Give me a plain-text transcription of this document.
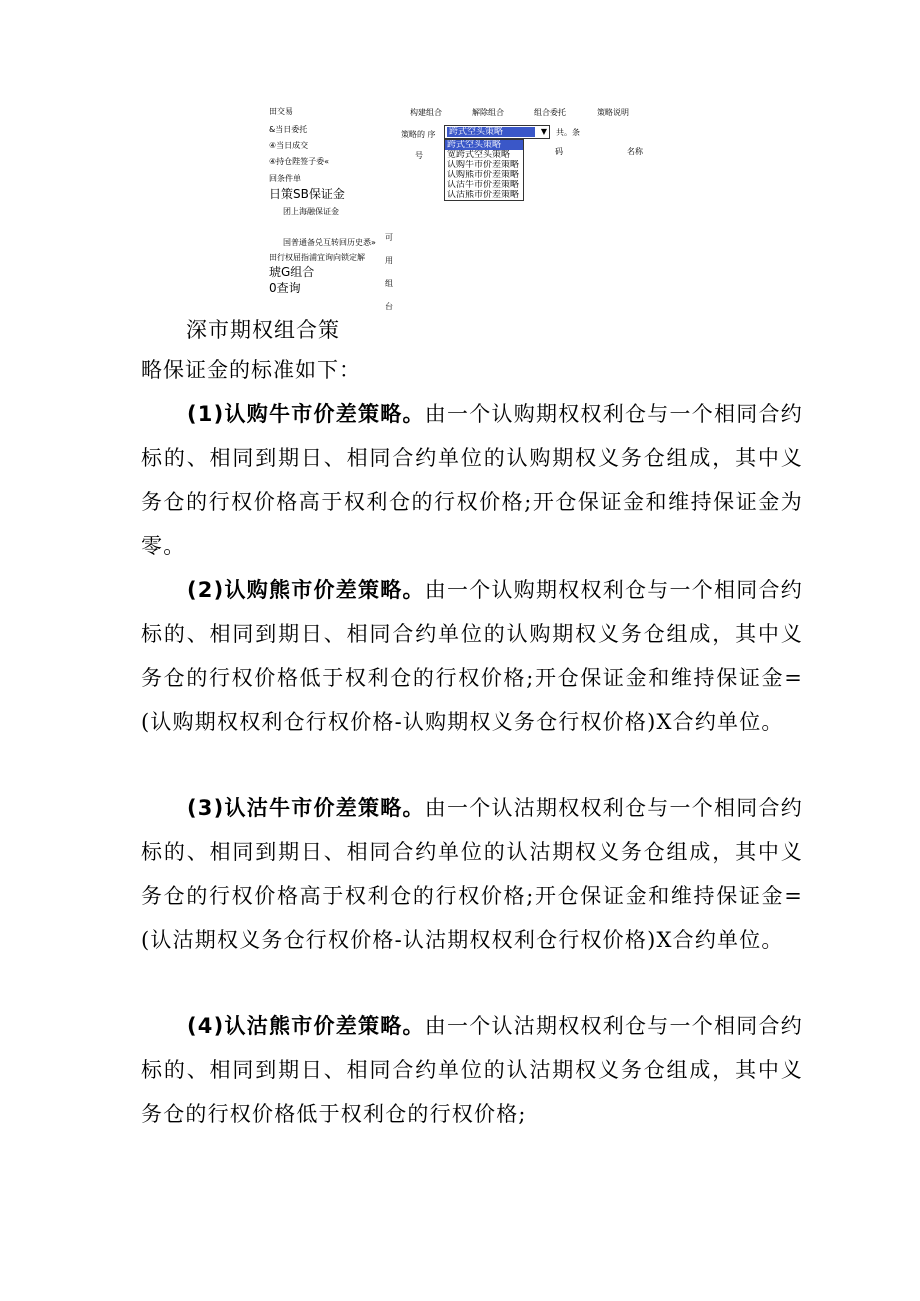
田交易
&当日委托
④当日成交
④持仓陛签子委«
回条件单
日策SB保证金
团上海融保证金
国普通备兑互转回历史悉»
田行权屈指浦宜询向锁定解
琥G组合
0查询
构建组合	解除组合	组合委托	策略说明
策略的 序
号
共。条
码	名称
跨式空头策略	▼
跨式空头策略
宽跨式空头策略
认购牛市价差策略
认购熊市价差策略
认沽牛市价差策略
认沽熊市价差策略
可
用
组
台
深市期权组合策
略保证金的标准如下：
(1)认购牛市价差策略。由一个认购期权权利仓与一个相同合约标的、相同到期日、相同合约单位的认购期权义务仓组成，其中义务仓的行权价格高于权利仓的行权价格;开仓保证金和维持保证金为零。
(2)认购熊市价差策略。由一个认购期权权利仓与一个相同合约标的、相同到期日、相同合约单位的认购期权义务仓组成，其中义务仓的行权价格低于权利仓的行权价格;开仓保证金和维持保证金=(认购期权权利仓行权价格-认购期权义务仓行权价格)X合约单位。
(3)认沽牛市价差策略。由一个认沽期权权利仓与一个相同合约标的、相同到期日、相同合约单位的认沽期权义务仓组成，其中义务仓的行权价格高于权利仓的行权价格;开仓保证金和维持保证金=(认沽期权义务仓行权价格-认沽期权权利仓行权价格)X合约单位。
(4)认沽熊市价差策略。由一个认沽期权权利仓与一个相同合约标的、相同到期日、相同合约单位的认沽期权义务仓组成，其中义务仓的行权价格低于权利仓的行权价格;
